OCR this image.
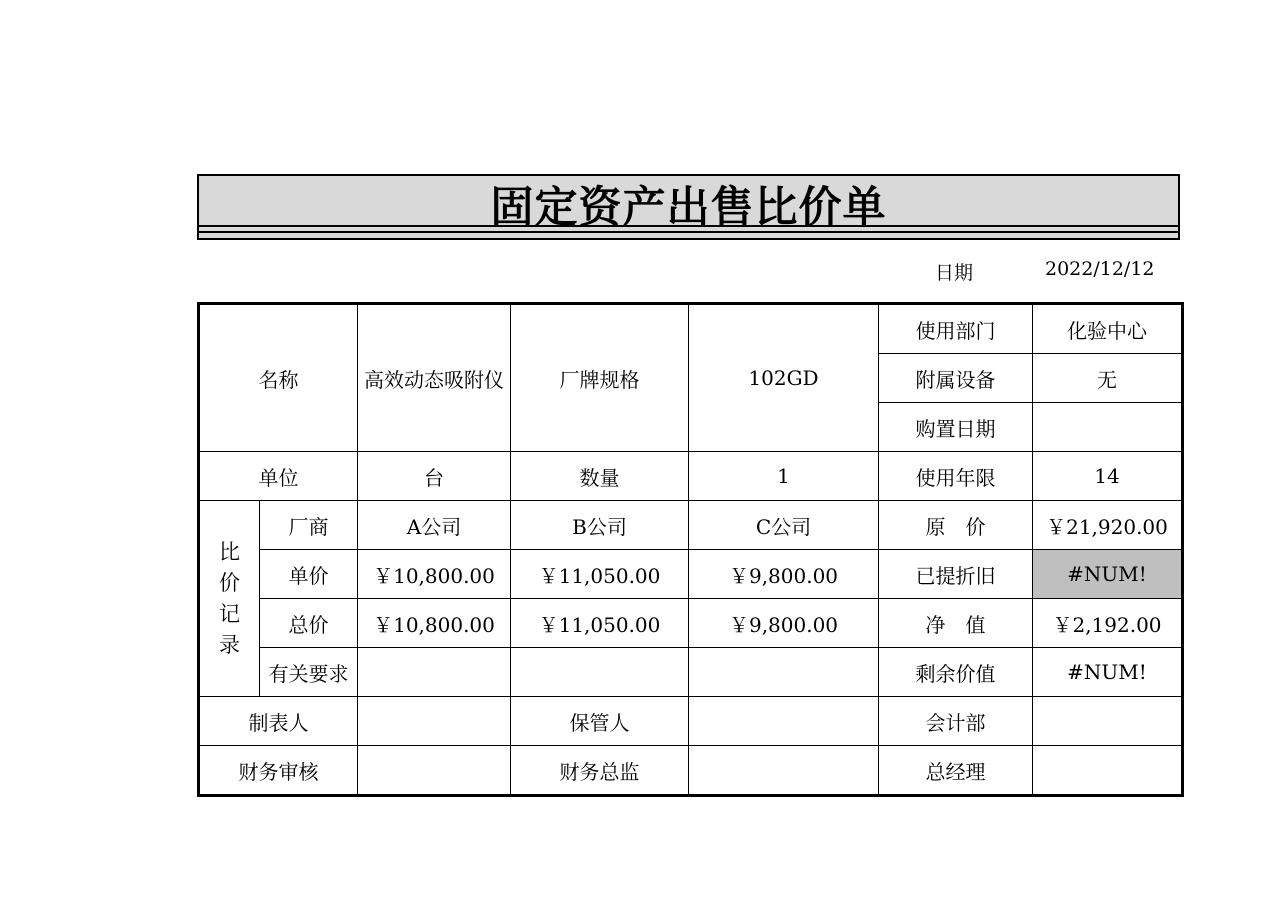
固定资产出售比价单
日期	2022/12/12
名称		高效动态吸附仪	厂牌规格	102GD	使用部门	化验中心
					附属设备	无
					购置日期	
单位		台	数量	1	使用年限	14

比
价
记
录	厂商	A公司	B公司	C公司	原　价	￥21,920.00
	单价	￥10,800.00	￥11,050.00	￥9,800.00	已提折旧	#NUM!
	总价	￥10,800.00	￥11,050.00	￥9,800.00	净　值	￥2,192.00
	有关要求				剩余价值	#NUM!
制表人			保管人		会计部	
财务审核			财务总监		总经理	
